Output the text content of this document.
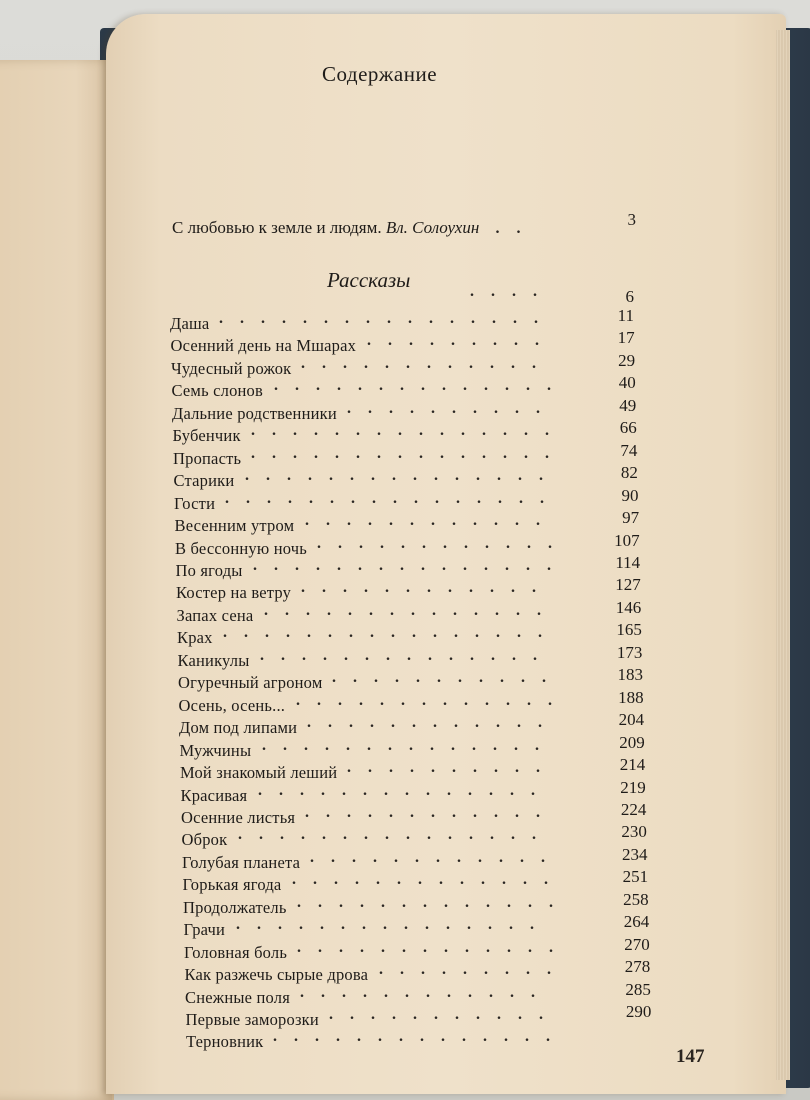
Содержание
С любовью к земле и людям. Вл. Солоухин . .	3
Рассказы	. . . .	6
Даша . . . . . . . . . . . . . . . .	11
Осенний день на Мшарах . . . . . . . . .	17
Чудесный рожок . . . . . . . . . . . .	29
Семь слонов . . . . . . . . . . . . . .	40
Дальние родственники . . . . . . . . . .	49
Бубенчик . . . . . . . . . . . . . . .	66
Пропасть . . . . . . . . . . . . . . .	74
Старики . . . . . . . . . . . . . . .	82
Гости . . . . . . . . . . . . . . . .	90
Весенним утром . . . . . . . . . . . .	97
В бессонную ночь . . . . . . . . . . . .	107
По ягоды . . . . . . . . . . . . . . .	114
Костер на ветру . . . . . . . . . . . .	127
Запах сена . . . . . . . . . . . . . .	146
Крах . . . . . . . . . . . . . . . .	165
Каникулы . . . . . . . . . . . . . .	173
Огуречный агроном . . . . . . . . . . .	183
Осень, осень... . . . . . . . . . . . . .	188
Дом под липами . . . . . . . . . . . .	204
Мужчины . . . . . . . . . . . . . .	209
Мой знакомый леший . . . . . . . . . .	214
Красивая . . . . . . . . . . . . . .	219
Осенние листья . . . . . . . . . . . .	224
Оброк . . . . . . . . . . . . . . .	230
Голубая планета . . . . . . . . . . . .	234
Горькая ягода . . . . . . . . . . . . .	251
Продолжатель . . . . . . . . . . . . .	258
Грачи . . . . . . . . . . . . . . .	264
Головная боль . . . . . . . . . . . . .	270
Как разжечь сырые дрова . . . . . . . . .	278
Снежные поля . . . . . . . . . . . .	285
Первые заморозки . . . . . . . . . . .	290
Терновник . . . . . . . . . . . . . .
147
